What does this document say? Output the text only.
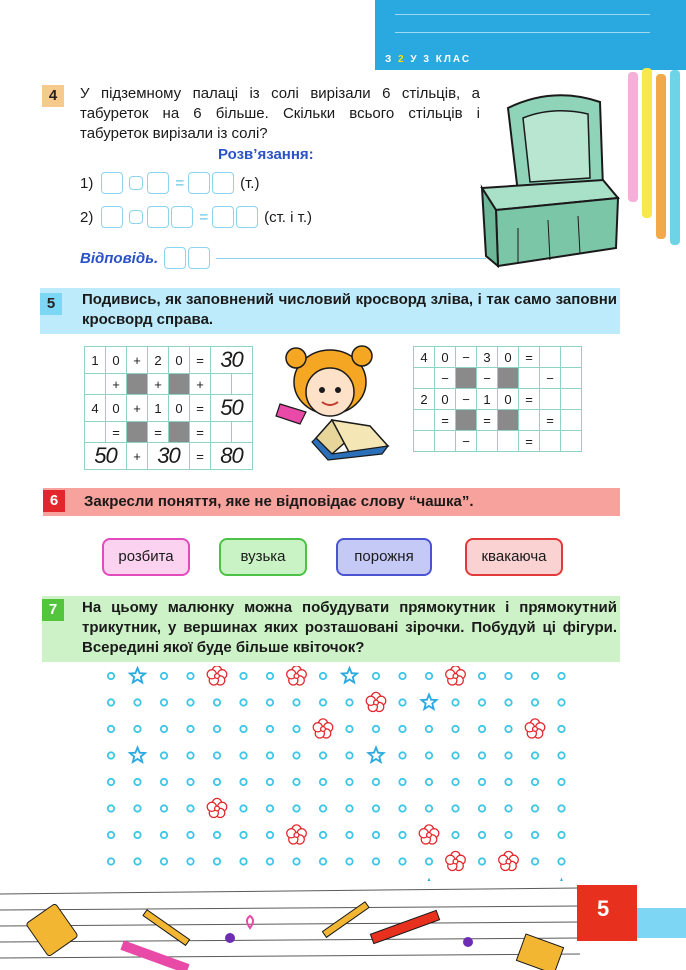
З 2 У 3 КЛАС
4	У підземному палаці із солі вирізали 6 стільців, а табуреток на 6 більше. Скільки всього стільців і табуреток вирізали із солі?
Розв’язання:
1)	=	(т.)
2)	=	(ст. і т.)
Відповідь.
5	Подивись, як заповнений числовий кросворд зліва, і так само заповни кросворд справа.
1	0	+	2	0	=	30	
	+		+		+		
4	0	+	1	0	=	50	
	=		=		=		
50		+	30		=	80	
4	0	−	3	0	=		
	−		−			−	
2	0	−	1	0	=		
	=		=			=	
		−			=		
6	Закресли поняття, яке не відповідає слову “чашка”.
розбита	вузька	порожня	квакаюча
7	На цьому малюнку можна побудувати прямокутник і прямокутний трикутник, у вершинах яких розташовані зірочки. Побудуй ці фігури. Всередині якої буде більше квіточок?
5
